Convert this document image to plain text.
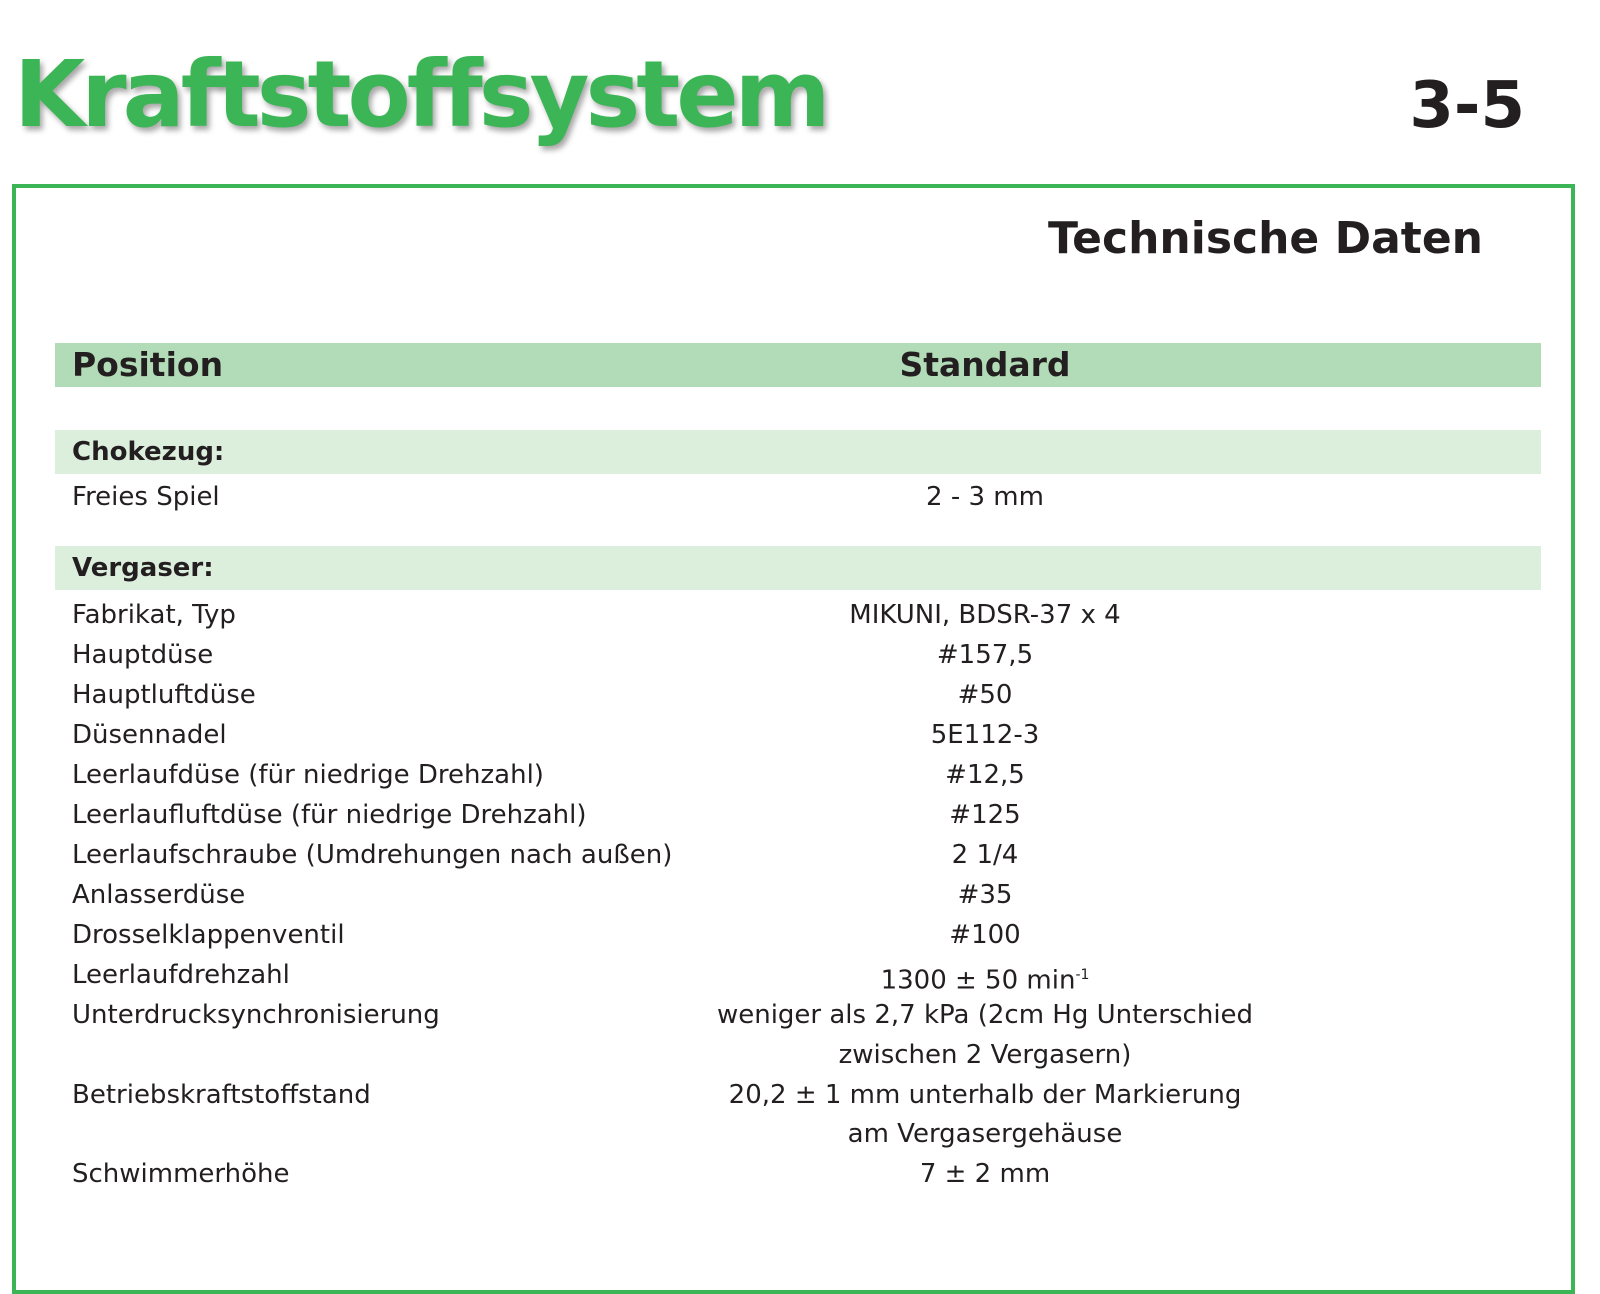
Kraftstoffsystem	3-5
Technische Daten
Position	Standard
Chokezug:
Freies Spiel	2 - 3 mm
Vergaser:
Fabrikat, Typ	MIKUNI, BDSR-37 x 4
Hauptdüse	#157,5
Hauptluftdüse	#50
Düsennadel	5E112-3
Leerlaufdüse (für niedrige Drehzahl)	#12,5
Leerlaufluftdüse (für niedrige Drehzahl)	#125
Leerlaufschraube (Umdrehungen nach außen)	2 1/4
Anlasserdüse	#35
Drosselklappenventil	#100
Leerlaufdrehzahl	1300 ± 50 $\min^{-1}$
Unterdrucksynchronisierung	weniger als 2,7 kPa (2cm Hg Unterschied
zwischen 2 Vergasern)
Betriebskraftstoffstand	20,2 ± 1 mm unterhalb der Markierung
am Vergasergehäuse
Schwimmerhöhe	7 ± 2 mm
